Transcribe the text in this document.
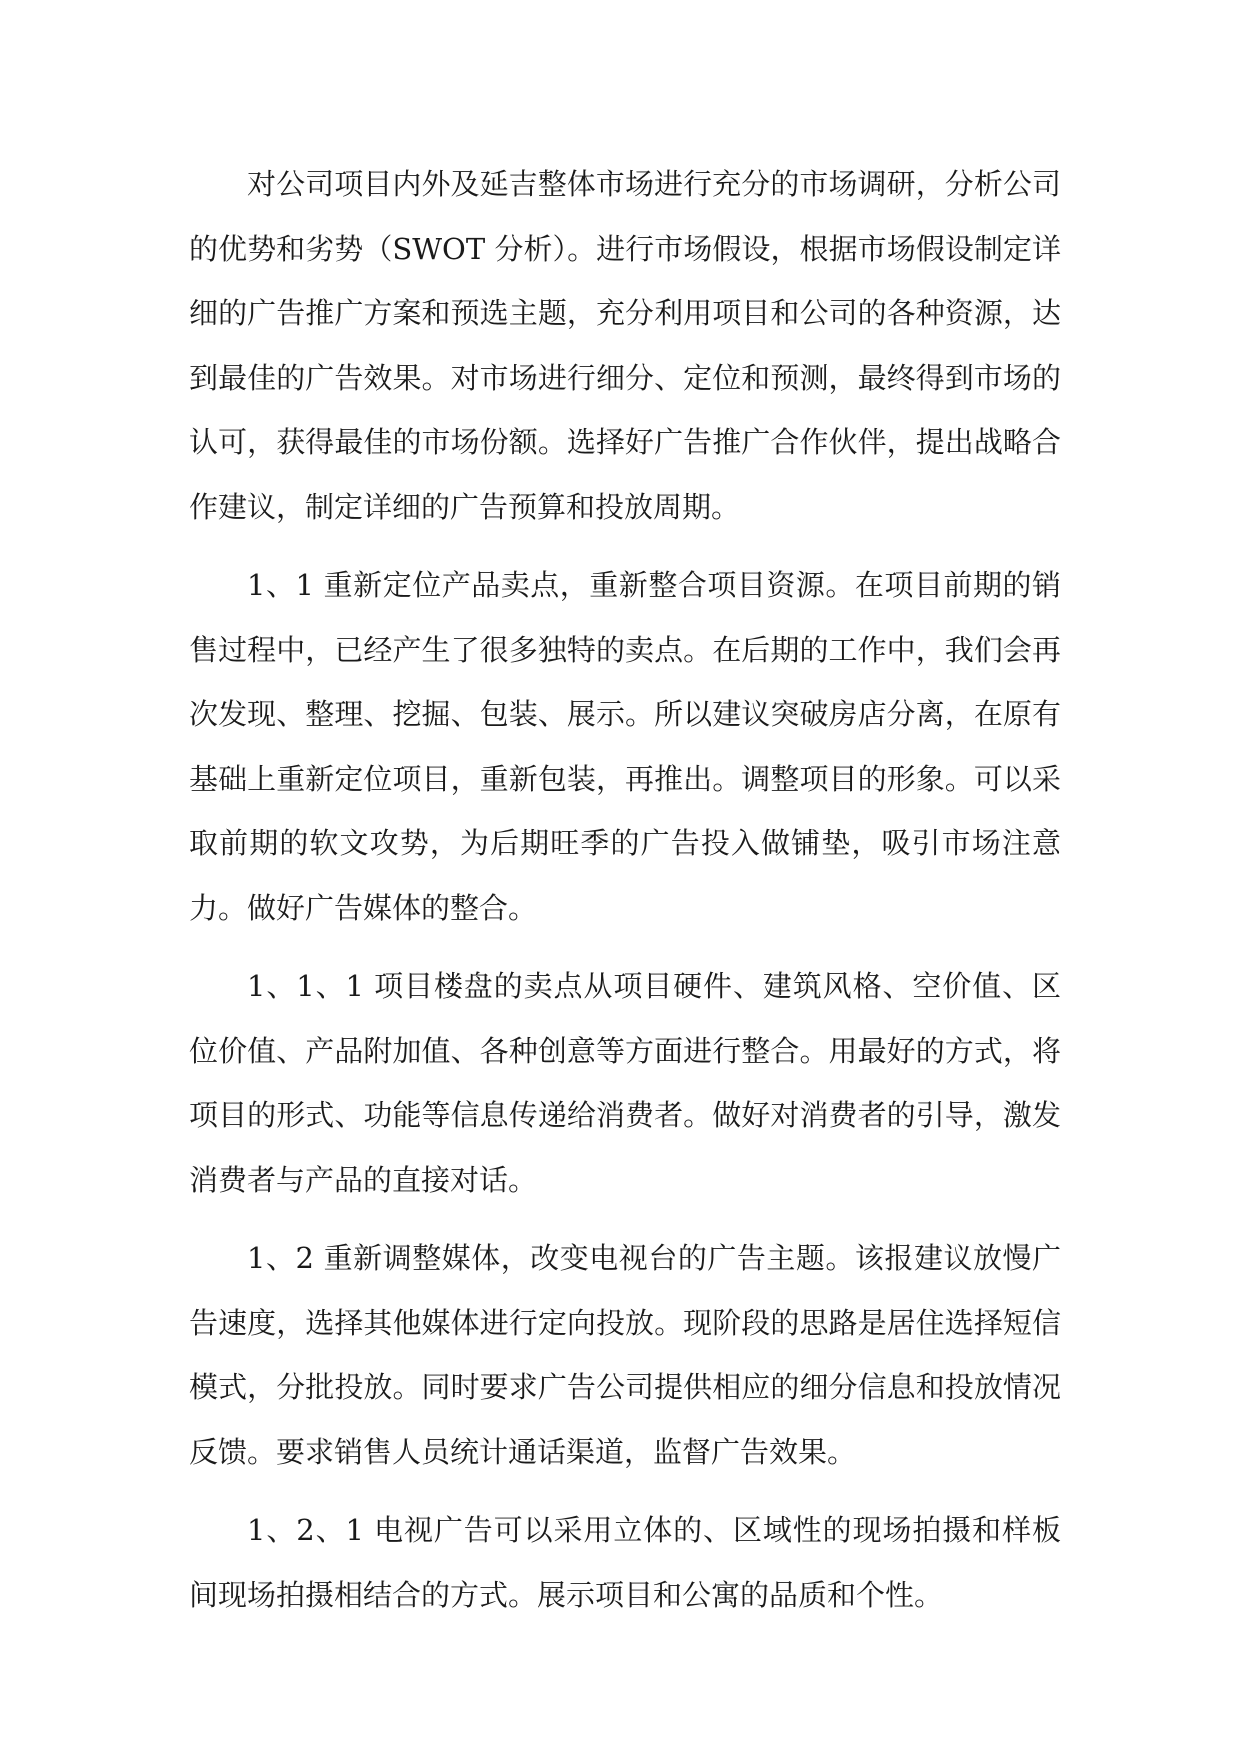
对公司项目内外及延吉整体市场进行充分的市场调研，分析公司的优势和劣势（SWOT 分析）。进行市场假设，根据市场假设制定详细的广告推广方案和预选主题，充分利用项目和公司的各种资源，达到最佳的广告效果。对市场进行细分、定位和预测，最终得到市场的认可，获得最佳的市场份额。选择好广告推广合作伙伴，提出战略合作建议，制定详细的广告预算和投放周期。

1、1 重新定位产品卖点，重新整合项目资源。在项目前期的销售过程中，已经产生了很多独特的卖点。在后期的工作中，我们会再次发现、整理、挖掘、包装、展示。所以建议突破房店分离，在原有基础上重新定位项目，重新包装，再推出。调整项目的形象。可以采取前期的软文攻势，为后期旺季的广告投入做铺垫，吸引市场注意力。做好广告媒体的整合。

1、1、1 项目楼盘的卖点从项目硬件、建筑风格、空价值、区位价值、产品附加值、各种创意等方面进行整合。用最好的方式，将项目的形式、功能等信息传递给消费者。做好对消费者的引导，激发消费者与产品的直接对话。

1、2 重新调整媒体，改变电视台的广告主题。该报建议放慢广告速度，选择其他媒体进行定向投放。现阶段的思路是居住选择短信模式，分批投放。同时要求广告公司提供相应的细分信息和投放情况反馈。要求销售人员统计通话渠道，监督广告效果。

1、2、1 电视广告可以采用立体的、区域性的现场拍摄和样板间现场拍摄相结合的方式。展示项目和公寓的品质和个性。
